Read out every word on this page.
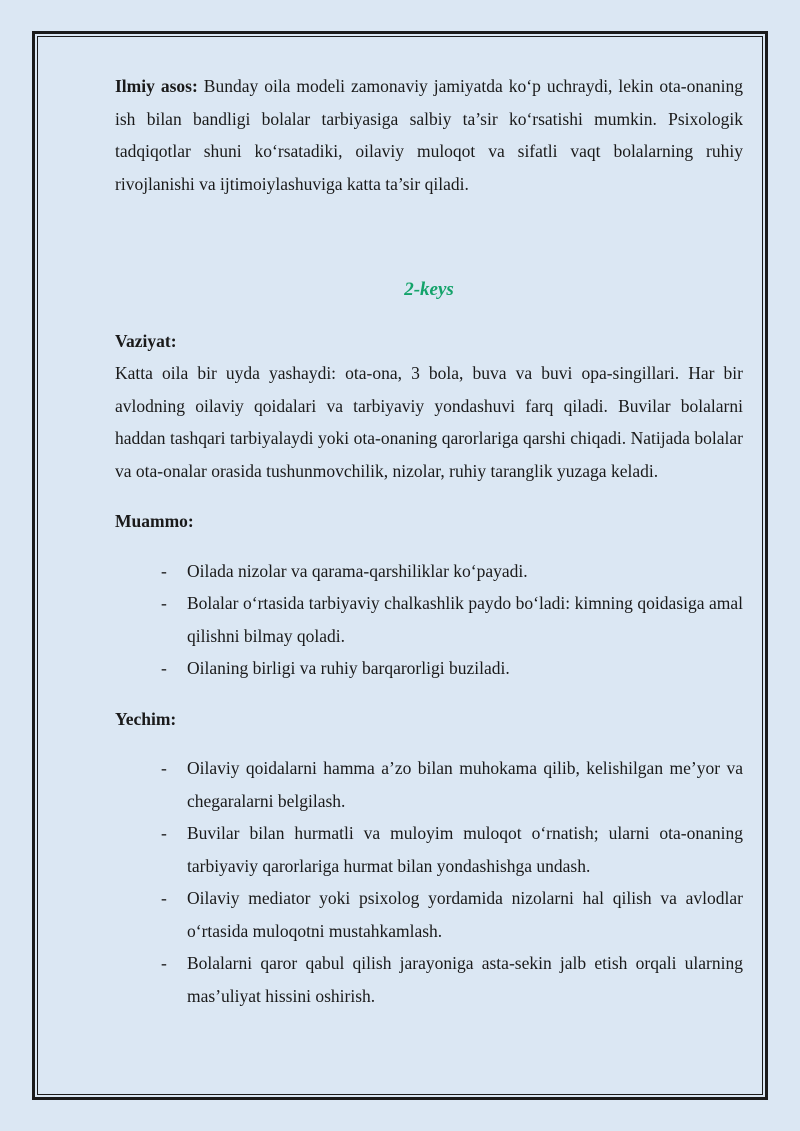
Ilmiy asos: Bunday oila modeli zamonaviy jamiyatda ko‘p uchraydi, lekin ota-onaning ish bilan bandligi bolalar tarbiyasiga salbiy ta’sir ko‘rsatishi mumkin. Psixologik tadqiqotlar shuni ko‘rsatadiki, oilaviy muloqot va sifatli vaqt bolalarning ruhiy rivojlanishi va ijtimoiylashuviga katta ta’sir qiladi.

2-keys

Vaziyat:

Katta oila bir uyda yashaydi: ota-ona, 3 bola, buva va buvi opa-singillari. Har bir avlodning oilaviy qoidalari va tarbiyaviy yondashuvi farq qiladi. Buvilar bolalarni haddan tashqari tarbiyalaydi yoki ota-onaning qarorlariga qarshi chiqadi. Natijada bolalar va ota-onalar orasida tushunmovchilik, nizolar, ruhiy taranglik yuzaga keladi.

Muammo:

- Oilada nizolar va qarama-qarshiliklar ko‘payadi.
- Bolalar o‘rtasida tarbiyaviy chalkashlik paydo bo‘ladi: kimning qoidasiga amal qilishni bilmay qoladi.
- Oilaning birligi va ruhiy barqarorligi buziladi.

Yechim:

- Oilaviy qoidalarni hamma a’zo bilan muhokama qilib, kelishilgan me’yor va chegaralarni belgilash.
- Buvilar bilan hurmatli va muloyim muloqot o‘rnatish; ularni ota-onaning tarbiyaviy qarorlariga hurmat bilan yondashishga undash.
- Oilaviy mediator yoki psixolog yordamida nizolarni hal qilish va avlodlar o‘rtasida muloqotni mustahkamlash.
- Bolalarni qaror qabul qilish jarayoniga asta-sekin jalb etish orqali ularning mas’uliyat hissini oshirish.
